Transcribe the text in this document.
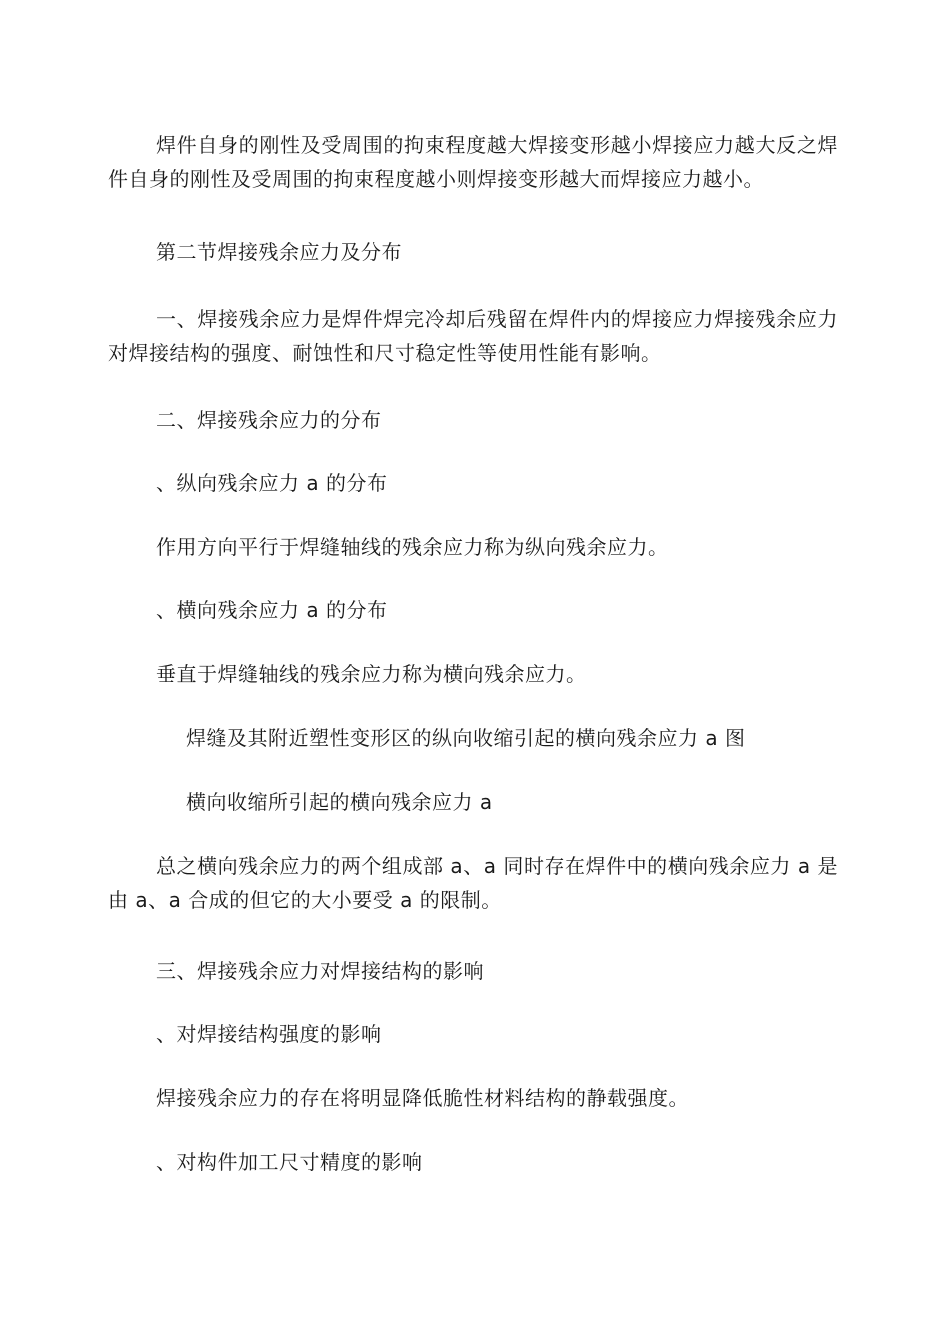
焊件自身的刚性及受周围的拘束程度越大焊接变形越小焊接应力越大反之焊件自身的刚性及受周围的拘束程度越小则焊接变形越大而焊接应力越小。

第二节焊接残余应力及分布

一、焊接残余应力是焊件焊完冷却后残留在焊件内的焊接应力焊接残余应力对焊接结构的强度、耐蚀性和尺寸稳定性等使用性能有影响。

二、焊接残余应力的分布

、纵向残余应力 a 的分布

作用方向平行于焊缝轴线的残余应力称为纵向残余应力。

、横向残余应力 a 的分布

垂直于焊缝轴线的残余应力称为横向残余应力。

焊缝及其附近塑性变形区的纵向收缩引起的横向残余应力 a 图

横向收缩所引起的横向残余应力 a

总之横向残余应力的两个组成部 a、a 同时存在焊件中的横向残余应力 a 是由 a、a 合成的但它的大小要受 a 的限制。

三、焊接残余应力对焊接结构的影响

、对焊接结构强度的影响

焊接残余应力的存在将明显降低脆性材料结构的静载强度。

、对构件加工尺寸精度的影响
